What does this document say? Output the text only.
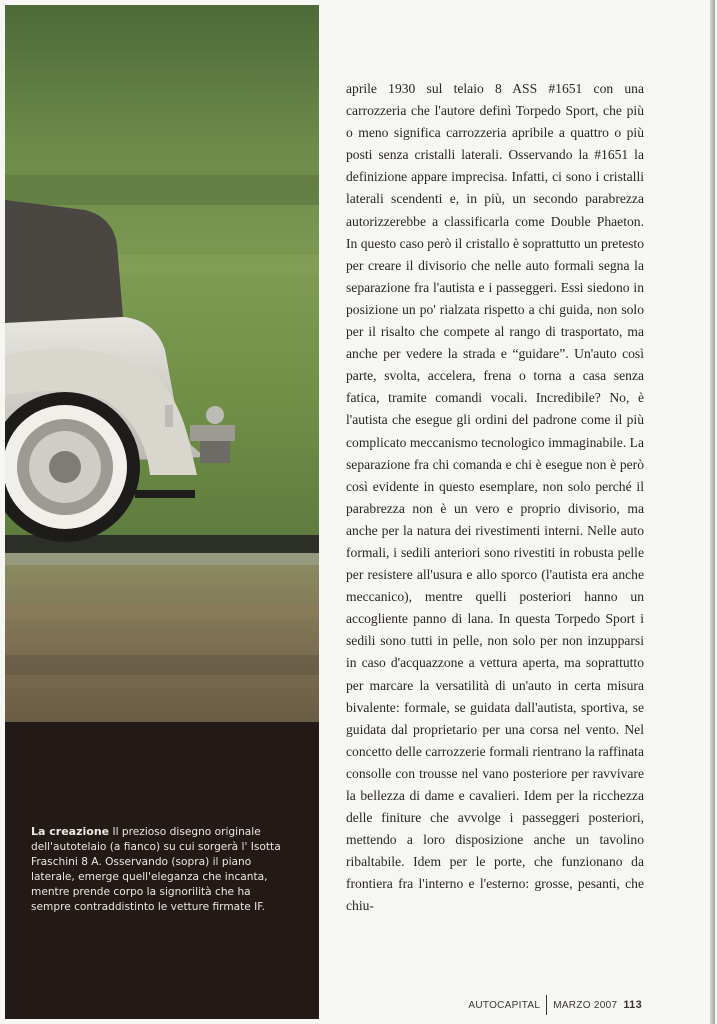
La creazione Il prezioso disegno originale dell'autotelaio (a fianco) su cui sorgerà l' Isotta Fraschini 8 A. Osservando (sopra) il piano laterale, emerge quell'eleganza che incanta, mentre prende corpo la signorilità che ha sempre contraddistinto le vetture firmate IF.

aprile 1930 sul telaio 8 ASS #1651 con una carrozzeria che l'autore definì Torpedo Sport, che più o meno significa carrozzeria apribile a quattro o più posti senza cristalli laterali. Osservando la #1651 la definizione appare imprecisa. Infatti, ci sono i cristalli laterali scendenti e, in più, un secondo parabrezza autorizzerebbe a classificarla come Double Phaeton. In questo caso però il cristallo è soprattutto un pretesto per creare il divisorio che nelle auto formali segna la separazione fra l'autista e i passeggeri. Essi siedono in posizione un po' rialzata rispetto a chi guida, non solo per il risalto che compete al rango di trasportato, ma anche per vedere la strada e “guidare”. Un'auto così parte, svolta, accelera, frena o torna a casa senza fatica, tramite comandi vocali. Incredibile? No, è l'autista che esegue gli ordini del padrone come il più complicato meccanismo tecnologico immaginabile. La separazione fra chi comanda e chi è esegue non è però così evidente in questo esemplare, non solo perché il parabrezza non è un vero e proprio divisorio, ma anche per la natura dei rivestimenti interni. Nelle auto formali, i sedili anteriori sono rivestiti in robusta pelle per resistere all'usura e allo sporco (l'autista era anche meccanico), mentre quelli posteriori hanno un accogliente panno di lana. In questa Torpedo Sport i sedili sono tutti in pelle, non solo per non inzupparsi in caso d'acquazzone a vettura aperta, ma soprattutto per marcare la versatilità di un'auto in certa misura bivalente: formale, se guidata dall'autista, sportiva, se guidata dal proprietario per una corsa nel vento. Nel concetto delle carrozzerie formali rientrano la raffinata consolle con trousse nel vano posteriore per ravvivare la bellezza di dame e cavalieri. Idem per la ricchezza delle finiture che avvolge i passeggeri posteriori, mettendo a loro disposizione anche un tavolino ribaltabile. Idem per le porte, che funzionano da frontiera fra l'interno e l'esterno: grosse, pesanti, che chiu-

AUTOCAPITAL MARZO 2007 113
